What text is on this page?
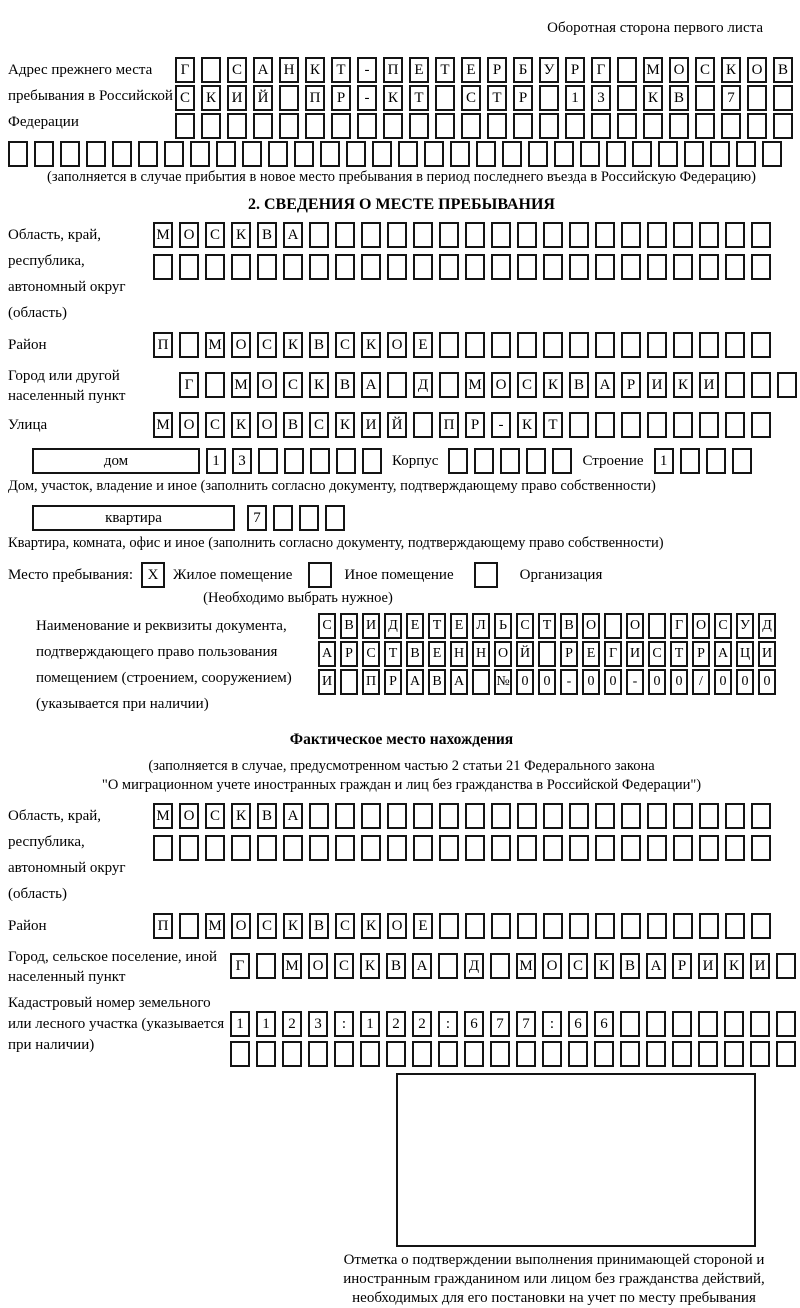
Оборотная сторона первого листа
Адрес прежнего места пребывания в Российской Федерации
Г	С	А	Н	К	Т	-	П	Е	Т	Е	Р	Б	У	Р	Г	М О	С	К	О	В
С	К	И	Й	П	Р	-	К	Т	С	Т	Р	1	3	К	В	7
(заполняется в случае прибытия в новое место пребывания в период последнего въезда в Российскую Федерацию)
2. СВЕДЕНИЯ О МЕСТЕ ПРЕБЫВАНИЯ
Область, край, республика, автономный округ (область)
М О	С	К	В	А
Район	П	М О	С	К	В	С	К	О	Е
Город или другой населенный пункт
Г	М О	С	К	В	А	Д	М О	С	К	В	А	Р	И	К	И
Улица	М О	С	К	О	В	С	К	И	Й	П	Р	-	К	Т
дом	1	3	Корпус	Строение	1
Дом, участок, владение и иное (заполнить согласно документу, подтверждающему право собственности)
квартира	7
Квартира, комната, офис и иное (заполнить согласно документу, подтверждающему право собственности)
Место пребывания: X Жилое помещение	Иное помещение	Организация
(Необходимо выбрать нужное)
Наименование и реквизиты документа, подтверждающего право пользования помещением (строением, сооружением) (указывается при наличии)
С В И Д Е Т Е Л Ь С Т В О О	Г О С У Д
А Р С Т В Е Н Н О Й	Р Е Г И С Т Р А Ц И
И П Р А В А № 0	0	-	0	0	-	0	0	/	0	0	0
Фактическое место нахождения
(заполняется в случае, предусмотренном частью 2 статьи 21 Федерального закона
"О миграционном учете иностранных граждан и лиц без гражданства в Российской Федерации")
Область, край, республика, автономный округ (область)
М О	С	К	В	А
Район	П	М О	С	К	В	С	К	О	Е
Город, сельское поселение, иной населенный пункт
Г	М О	С	К	В	А	Д	М О	С	К	В	А	Р	И	К	И
Кадастровый номер земельного или лесного участка (указывается при наличии)
1	1	2	3	:	1	2	2	:	6	7	7	:	6	6
Отметка о подтверждении выполнения принимающей стороной и иностранным гражданином или лицом без гражданства действий, необходимых для его постановки на учет по месту пребывания
